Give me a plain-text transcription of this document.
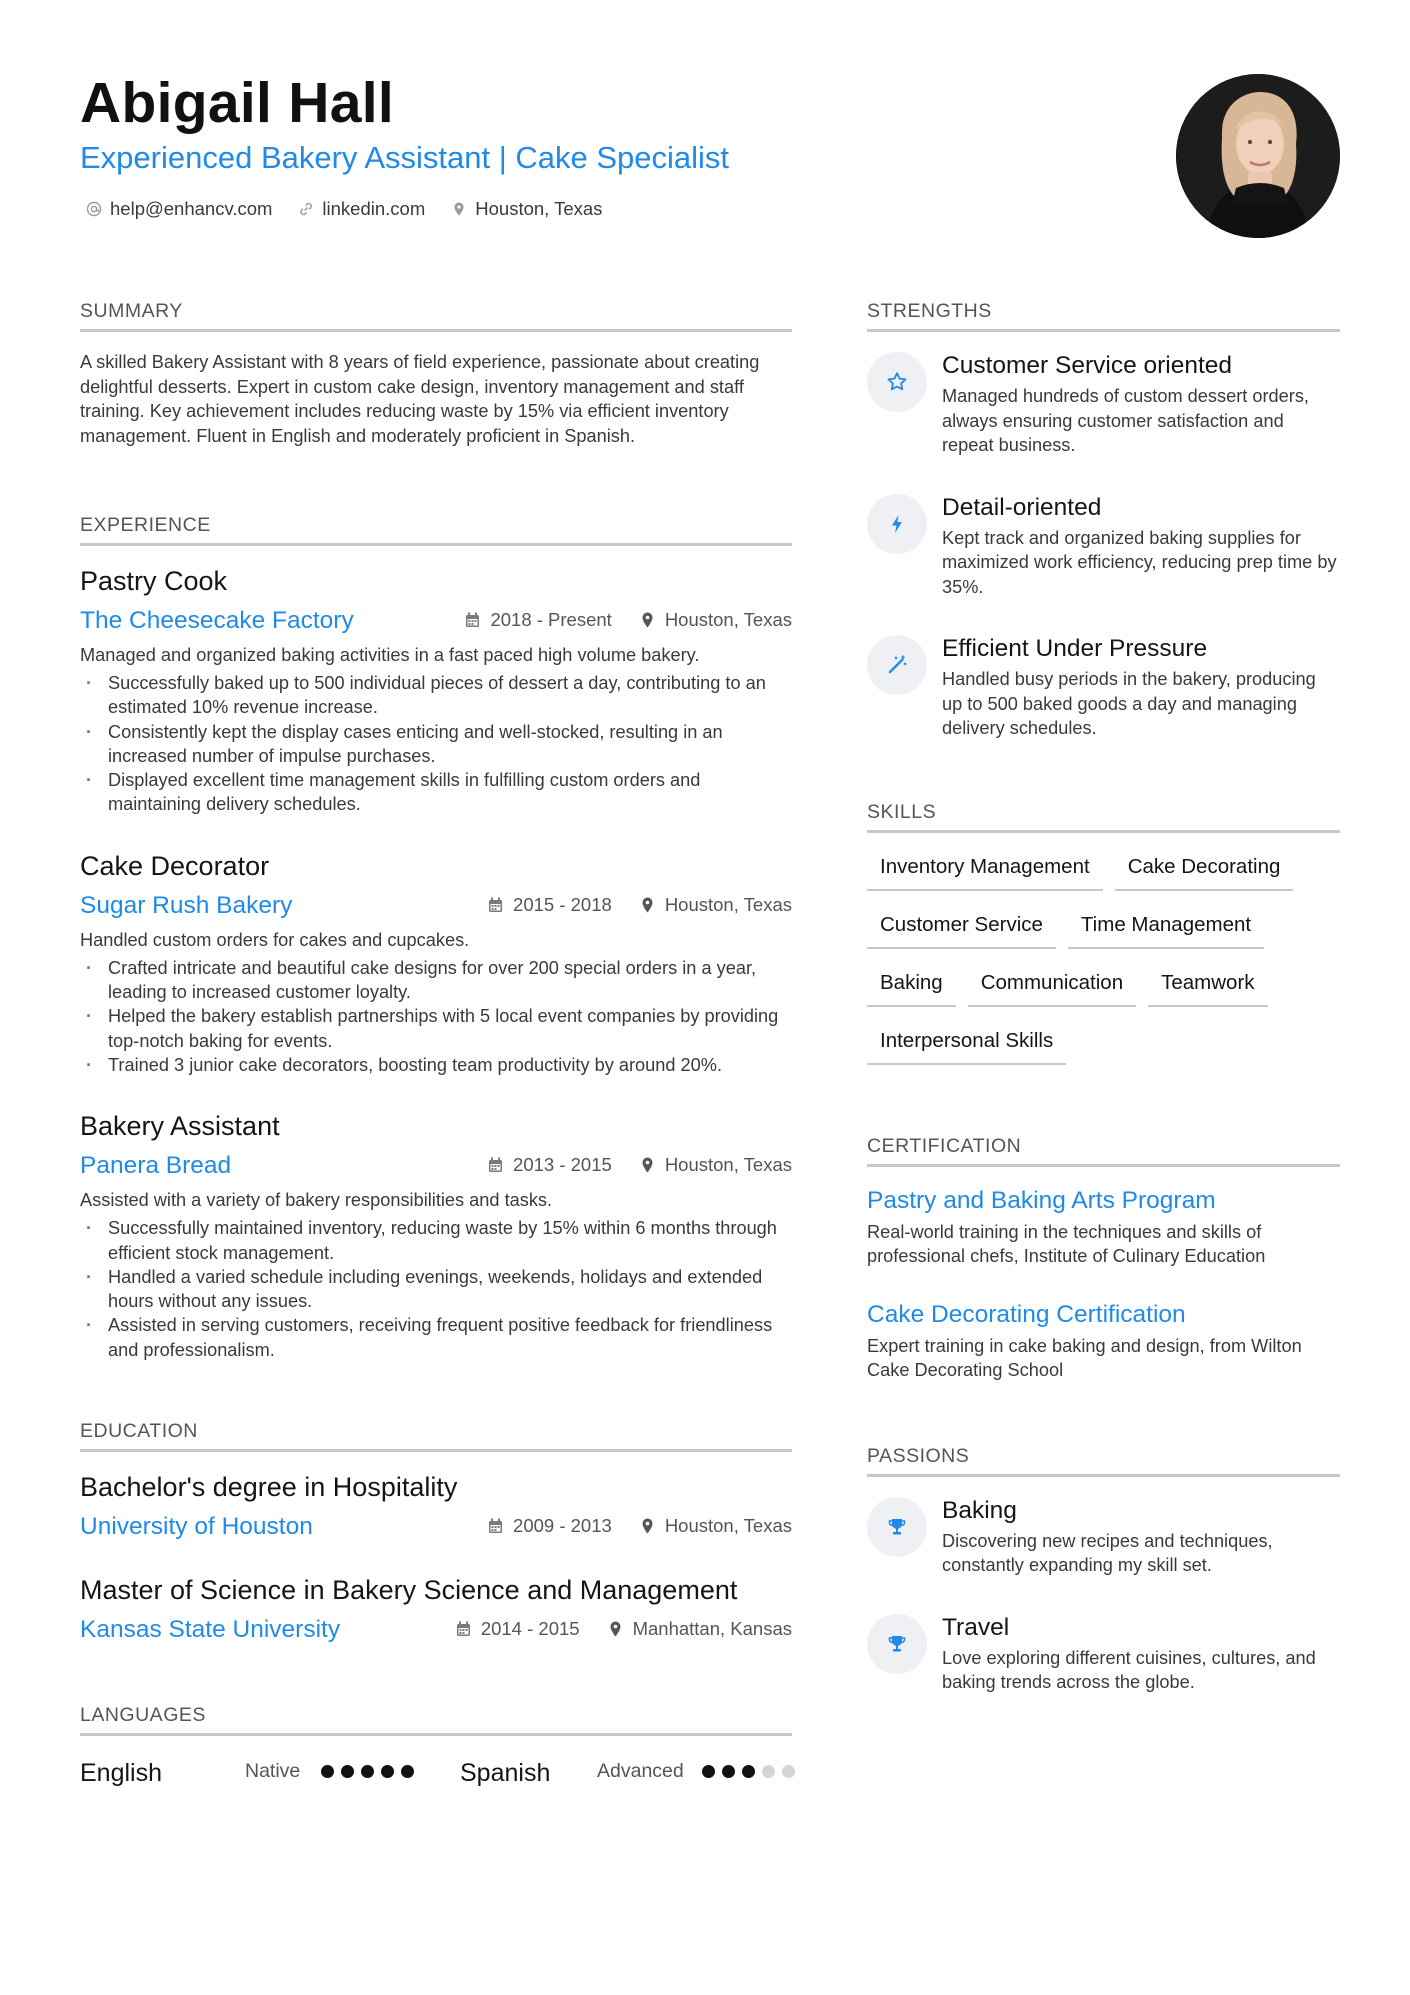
Abigail Hall
Experienced Bakery Assistant | Cake Specialist
help@enhancv.com	linkedin.com	Houston, Texas
SUMMARY
A skilled Bakery Assistant with 8 years of field experience, passionate about creating delightful desserts. Expert in custom cake design, inventory management and staff training. Key achievement includes reducing waste by 15% via efficient inventory management. Fluent in English and moderately proficient in Spanish.
EXPERIENCE
Pastry Cook
The Cheesecake Factory	2018 - Present	Houston, Texas
Managed and organized baking activities in a fast paced high volume bakery.
· Successfully baked up to 500 individual pieces of dessert a day, contributing to an estimated 10% revenue increase.
· Consistently kept the display cases enticing and well-stocked, resulting in an increased number of impulse purchases.
· Displayed excellent time management skills in fulfilling custom orders and maintaining delivery schedules.
Cake Decorator
Sugar Rush Bakery	2015 - 2018	Houston, Texas
Handled custom orders for cakes and cupcakes.
· Crafted intricate and beautiful cake designs for over 200 special orders in a year, leading to increased customer loyalty.
· Helped the bakery establish partnerships with 5 local event companies by providing top-notch baking for events.
· Trained 3 junior cake decorators, boosting team productivity by around 20%.
Bakery Assistant
Panera Bread	2013 - 2015	Houston, Texas
Assisted with a variety of bakery responsibilities and tasks.
· Successfully maintained inventory, reducing waste by 15% within 6 months through efficient stock management.
· Handled a varied schedule including evenings, weekends, holidays and extended hours without any issues.
· Assisted in serving customers, receiving frequent positive feedback for friendliness and professionalism.
EDUCATION
Bachelor's degree in Hospitality
University of Houston	2009 - 2013	Houston, Texas
Master of Science in Bakery Science and Management
Kansas State University	2014 - 2015	Manhattan, Kansas
LANGUAGES
English	Native	Spanish Advanced
STRENGTHS
Customer Service oriented
Managed hundreds of custom dessert orders, always ensuring customer satisfaction and repeat business.
Detail-oriented
Kept track and organized baking supplies for maximized work efficiency, reducing prep time by 35%.
Efficient Under Pressure
Handled busy periods in the bakery, producing up to 500 baked goods a day and managing delivery schedules.
SKILLS
Inventory Management	Cake Decorating
Customer Service	Time Management
Baking	Communication	Teamwork
Interpersonal Skills
CERTIFICATION
Pastry and Baking Arts Program
Real-world training in the techniques and skills of professional chefs, Institute of Culinary Education
Cake Decorating Certification
Expert training in cake baking and design, from Wilton Cake Decorating School
PASSIONS
Baking
Discovering new recipes and techniques, constantly expanding my skill set.
Travel
Love exploring different cuisines, cultures, and baking trends across the globe.
